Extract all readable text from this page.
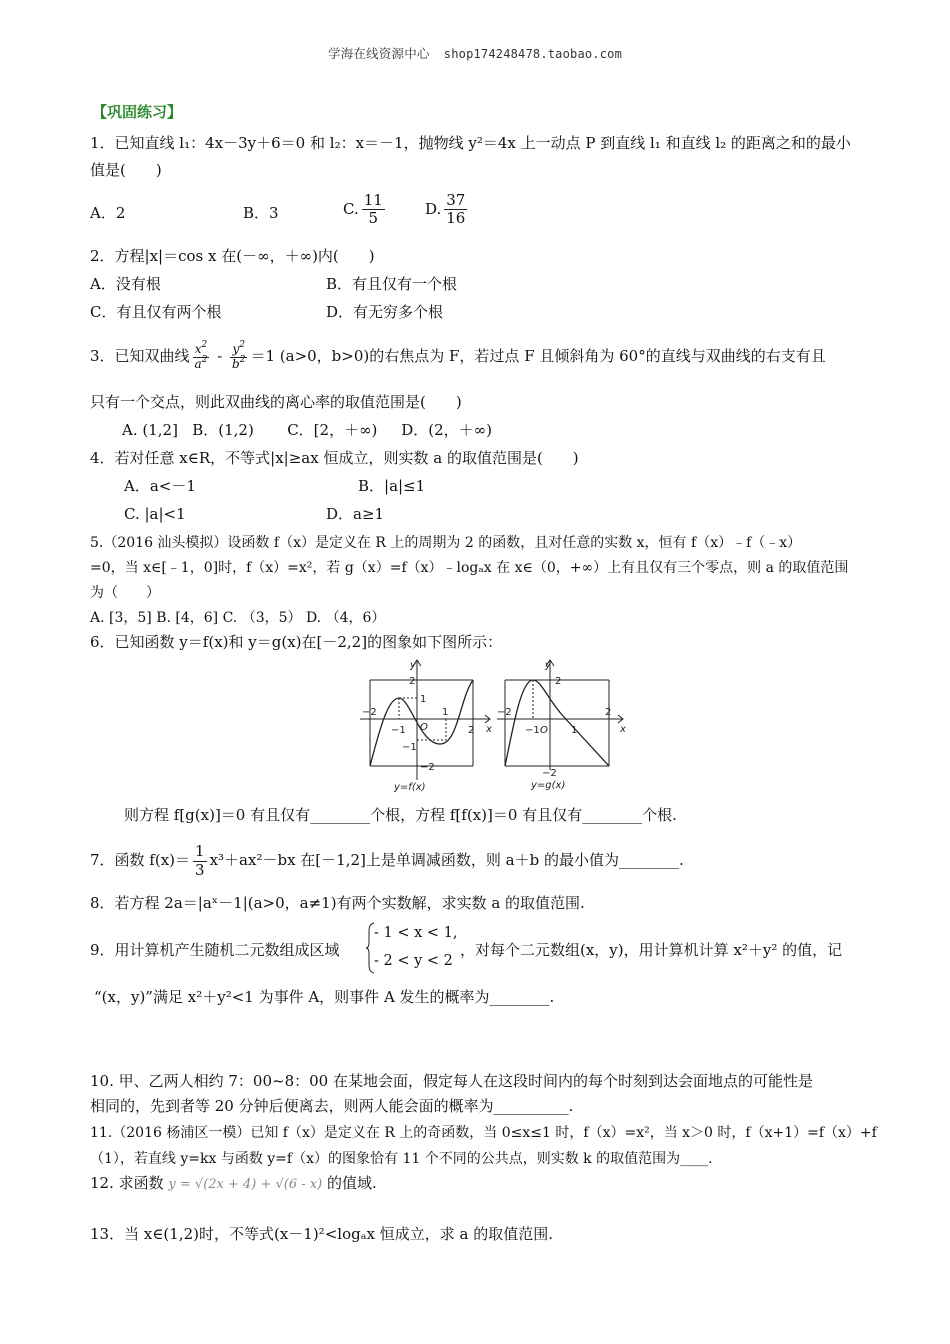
学海在线资源中心 shop174248478.taobao.com
【巩固练习】
1．已知直线 l₁：4x－3y＋6＝0 和 l₂：x＝－1，抛物线 y²＝4x 上一动点 P 到直线 l₁ 和直线 l₂ 的距离之和的最小
值是(　　)
A．2	B．3	C. $\frac{11}{5}$	D. $\frac{37}{16}$
2．方程|x|＝cos x 在(－∞，＋∞)内(　　)
A．没有根	B．有且仅有一个根
C．有且仅有两个根	D．有无穷多个根
3．已知双曲线 $\frac{x^2}{a^2} - \frac{y^2}{b^2} =1$ (a>0，b>0)的右焦点为 F，若过点 F 且倾斜角为 60°的直线与双曲线的右支有且
只有一个交点，则此双曲线的离心率的取值范围是(　　)
A. (1,2]   B．(1,2)       C．[2，＋∞)     D．(2，＋∞)
4．若对任意 x∈R，不等式|x|≥ax 恒成立，则实数 a 的取值范围是(　　)
A．a<－1	B．|a|≤1
C. |a|<1	D．a≥1
5.（2016 汕头模拟）设函数 f（x）是定义在 R 上的周期为 2 的函数，且对任意的实数 x，恒有 f（x）﹣f（﹣x）
=0，当 x∈[﹣1，0]时，f（x）=x²，若 g（x）=f（x）﹣logₐx 在 x∈（0，+∞）上有且仅有三个零点，则 a 的取值范围
为（　　）
A. [3，5] B. [4，6] C. （3，5） D. （4，6）
6．已知函数 y＝f(x)和 y＝g(x)在[－2,2]的图象如下图所示：
−2
−1 O
1
2 x
y
2
1
−1
−2
y=f(x)
−2
−1 O 1
2
x
y
2
−2
y=g(x)
则方程 f[g(x)]＝0 有且仅有________个根，方程 f[f(x)]＝0 有且仅有________个根.
7．函数 $f(x)= \frac{1}{3} x^3+ax^2-bx$ 在[－1,2]上是单调减函数，则 a＋b 的最小值为________.
8．若方程 2a＝|aˣ－1|(a>0，a≠1)有两个实数解，求实数 a 的取值范围.
9．用计算机产生随机二元数组成区域
- 1 < x < 1,
- 2 < y < 2
，对每个二元数组(x，y)，用计算机计算 x²＋y² 的值，记
“(x，y)”满足 x²＋y²<1 为事件 A，则事件 A 发生的概率为________.
10. 甲、乙两人相约 7：00~8：00 在某地会面，假定每人在这段时间内的每个时刻到达会面地点的可能性是
相同的，先到者等 20 分钟后便离去，则两人能会面的概率为__________.
11.（2016 杨浦区一模）已知 f（x）是定义在 R 上的奇函数，当 0≤x≤1 时，f（x）=x²，当 x＞0 时，f（x+1）=f（x）+f
（1），若直线 y=kx 与函数 y=f（x）的图象恰有 11 个不同的公共点，则实数 k 的取值范围为____.
12. 求函数 y = √(2x + 4) + √(6 - x) 的值域.
13．当 x∈(1,2)时，不等式(x－1)²<logₐx 恒成立，求 a 的取值范围.
